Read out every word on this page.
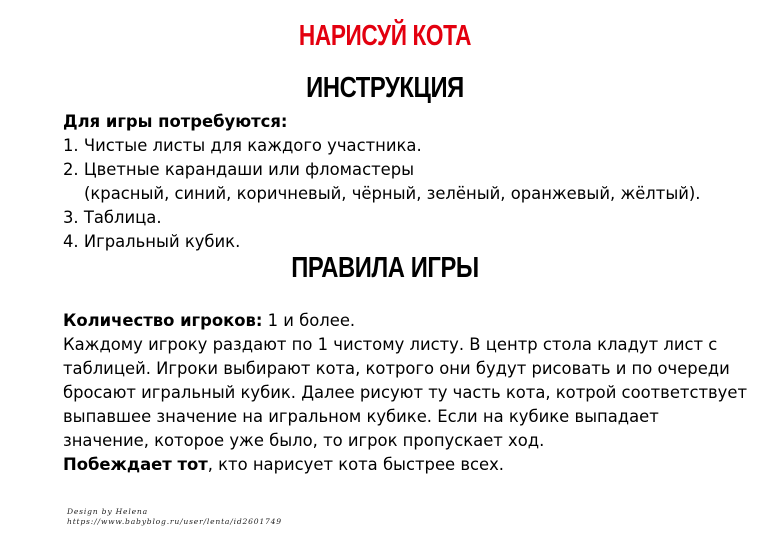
НАРИСУЙ КОТА
ИНСТРУКЦИЯ
Для игры потребуются:
1. Чистые листы для каждого участника.
2. Цветные карандаши или фломастеры
(красный, синий, коричневый, чёрный, зелёный, оранжевый, жёлтый).
3. Таблица.
4. Игральный кубик.
ПРАВИЛА ИГРЫ
Количество игроков: 1 и более.
Каждому игроку раздают по 1 чистому листу. В центр стола кладут лист с
таблицей. Игроки выбирают кота, котрого они будут рисовать и по очереди
бросают игральный кубик. Далее рисуют ту часть кота, котрой соответствует
выпавшее значение на игральном кубике. Если на кубике выпадает
значение, которое уже было, то игрок пропускает ход.
Побеждает тот, кто нарисует кота быстрее всех.
Design by Helena
https://www.babyblog.ru/user/lenta/id2601749
